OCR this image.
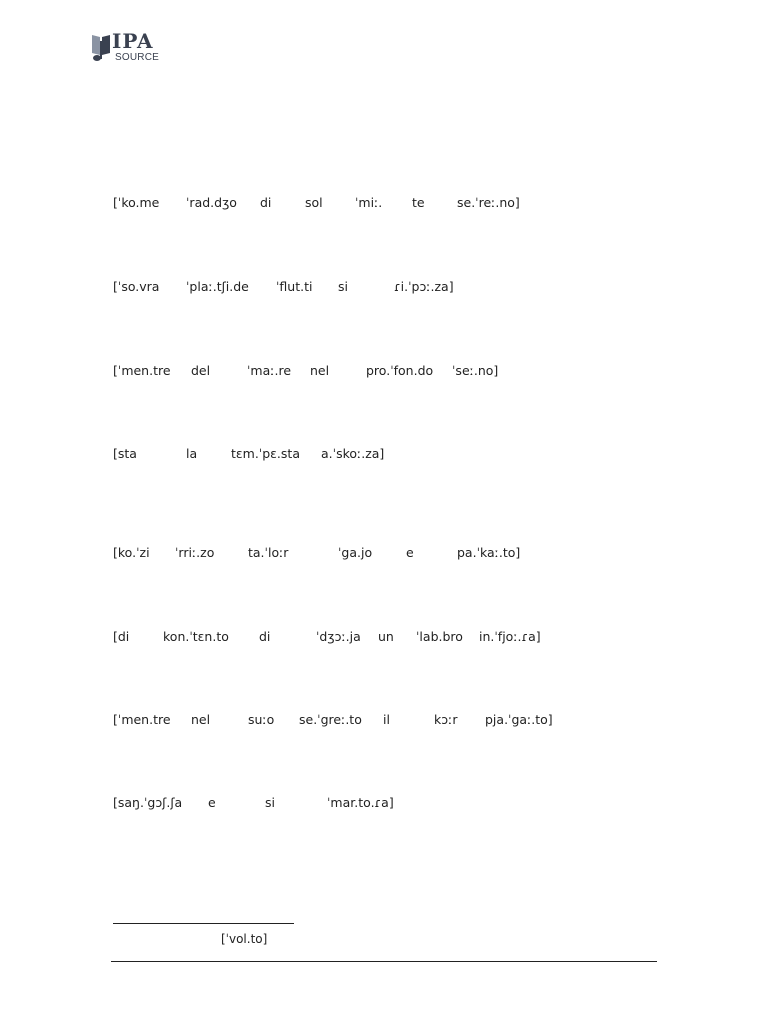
IPA
SOURCE
[ˈko.me ˈrad.dʒo di	sol	ˈmiː. te	se.ˈreː.no]
[ˈso.vra ˈplaː.tʃi.de ˈflut.ti si	ɾi.ˈpɔː.za]
[ˈmen.tre del	ˈmaː.re nel	pro.ˈfon.do ˈseː.no]
[sta	la	tɛm.ˈpɛ.sta a.ˈskoː.za]
[ko.ˈzi ˈrriː.zo	ta.ˈloːr	ˈga.jo	e	pa.ˈkaː.to]
[di	kon.ˈtɛn.to di	ˈdʒɔː.ja un ˈlab.bro in.ˈfjoː.ɾa]
[ˈmen.tre nel	suːo se.ˈgreː.to il	kɔːr pja.ˈgaː.to]
[saŋ.ˈgɔʃ.ʃa e	si	ˈmar.to.ɾa]
[ˈvol.to]
